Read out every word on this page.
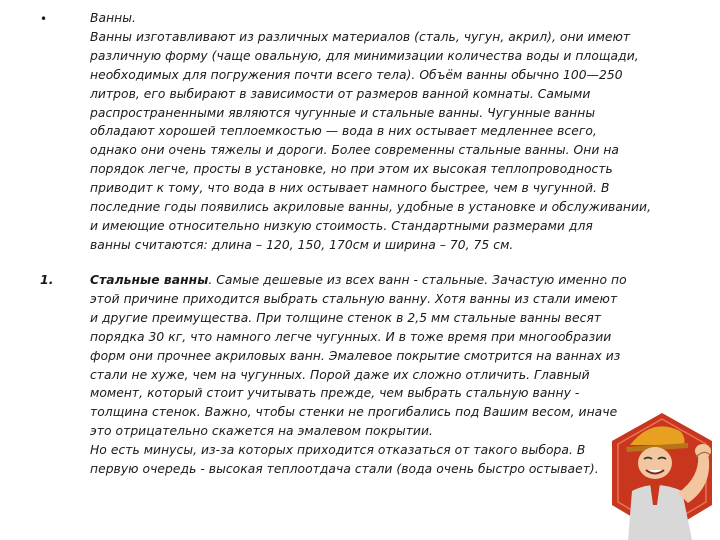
•	Ванны.
Ванны изготавливают из различных материалов (сталь, чугун, акрил), они имеют
различную форму (чаще овальную, для минимизации количества воды и площади,
необходимых для погружения почти всего тела). Объём ванны обычно 100—250
литров, его выбирают в зависимости от размеров ванной комнаты. Самыми
распространенными являются чугунные и стальные ванны. Чугунные ванны
обладают хорошей теплоемкостью — вода в них остывает медленнее всего,
однако они очень тяжелы и дороги. Более современны стальные ванны. Они на
порядок легче, просты в установке, но при этом их высокая теплопроводность
приводит к тому, что вода в них остывает намного быстрее, чем в чугунной. В
последние годы появились акриловые ванны, удобные в установке и обслуживании,
и имеющие относительно низкую стоимость. Стандартными размерами для
ванны считаются: длина – 120, 150, 170см и ширина – 70, 75 см.
1.	Стальные ванны. Самые дешевые из всех ванн - стальные. Зачастую именно по
этой причине приходится выбрать стальную ванну. Хотя ванны из стали имеют
и другие преимущества. При толщине стенок в 2,5 мм стальные ванны весят
порядка 30 кг, что намного легче чугунных. И в тоже время при многообразии
форм они прочнее акриловых ванн. Эмалевое покрытие смотрится на ваннах из
стали не хуже, чем на чугунных. Порой даже их сложно отличить. Главный
момент, который стоит учитывать прежде, чем выбрать стальную ванну -
толщина стенок. Важно, чтобы стенки не прогибались под Вашим весом, иначе
это отрицательно скажется на эмалевом покрытии.
Но есть минусы, из-за которых приходится отказаться от такого выбора. В
первую очередь - высокая теплоотдача стали (вода очень быстро остывает).
